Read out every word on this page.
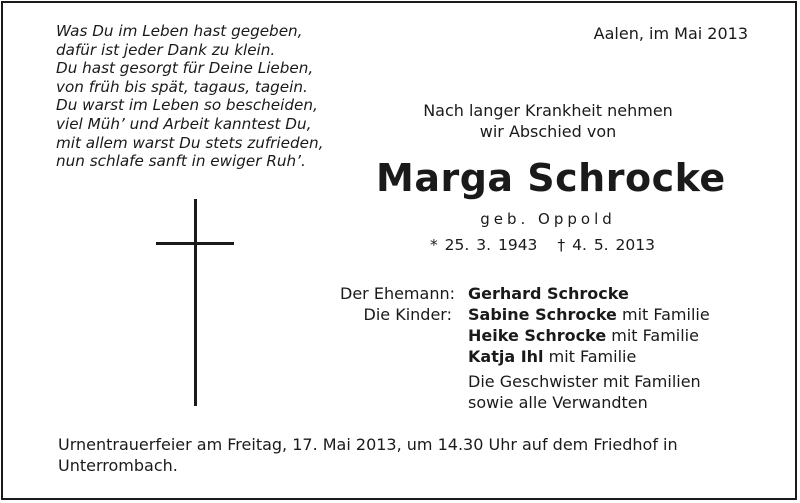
Was Du im Leben hast gegeben,
dafür ist jeder Dank zu klein.
Du hast gesorgt für Deine Lieben,
von früh bis spät, tagaus, tagein.
Du warst im Leben so bescheiden,
viel Müh’ und Arbeit kanntest Du,
mit allem warst Du stets zufrieden,
nun schlafe sanft in ewiger Ruh’.
Aalen, im Mai 2013
Nach langer Krankheit nehmen
wir Abschied von
Marga Schrocke
geb. Oppold
* 25. 3. 1943 † 4. 5. 2013
Der Ehemann: Gerhard Schrocke
Die Kinder:	Sabine Schrocke mit Familie
Heike Schrocke mit Familie
Katja Ihl mit Familie
Die Geschwister mit Familien
sowie alle Verwandten
Urnentrauerfeier am Freitag, 17. Mai 2013, um 14.30 Uhr auf dem Friedhof in Unterrombach.
